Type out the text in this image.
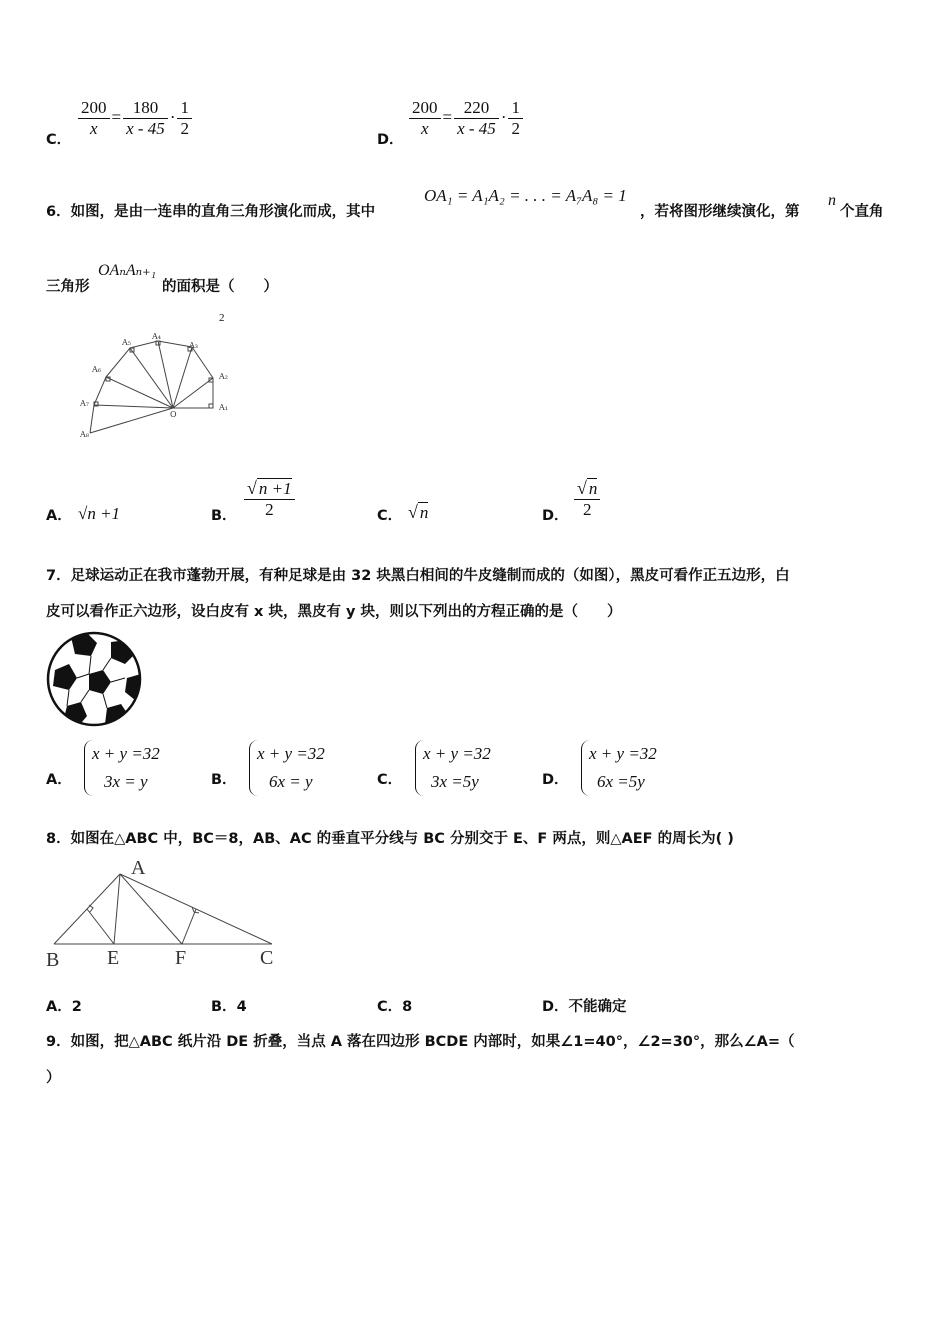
C．
$\frac{200}{x} = \frac{180}{x - 45} \cdot \frac{1}{2}$
D．
$\frac{200}{x} = \frac{220}{x - 45} \cdot \frac{1}{2}$
6．如图，是由一连串的直角三角形演化而成，其中
OA₁ = A₁A₂ = . . . = A₇A₈ = 1
，若将图形继续演化，第
n
个直角
三角形
OAₙAₙ₊₁
的面积是（　　）
2
A₁
A₂
A₃
A₄
A₅
A₆
A₇
A₈
O
A． √n +1	B． $\frac{√ n +1}{2}$	C． √ n	D． $\frac{√ n}{2}$
7．足球运动正在我市蓬勃开展，有种足球是由 32 块黑白相间的牛皮缝制而成的（如图），黑皮可看作正五边形，白
皮可以看作正六边形，设白皮有 x 块，黑皮有 y 块，则以下列出的方程正确的是（　　）
A．
x + y =32
3x = y	B．
x + y =32
6x = y	C．
x + y =32
3x =5y	D．
x + y =32
6x =5y
8．如图在△ABC 中，BC＝8，AB、AC 的垂直平分线与 BC 分别交于 E、F 两点，则△AEF 的周长为( )
A
B E	F	C
A．2	B．4	C．8	D．不能确定
9．如图，把△ABC 纸片沿 DE 折叠，当点 A 落在四边形 BCDE 内部时，如果∠1=40°，∠2=30°，那么∠A=（
）
